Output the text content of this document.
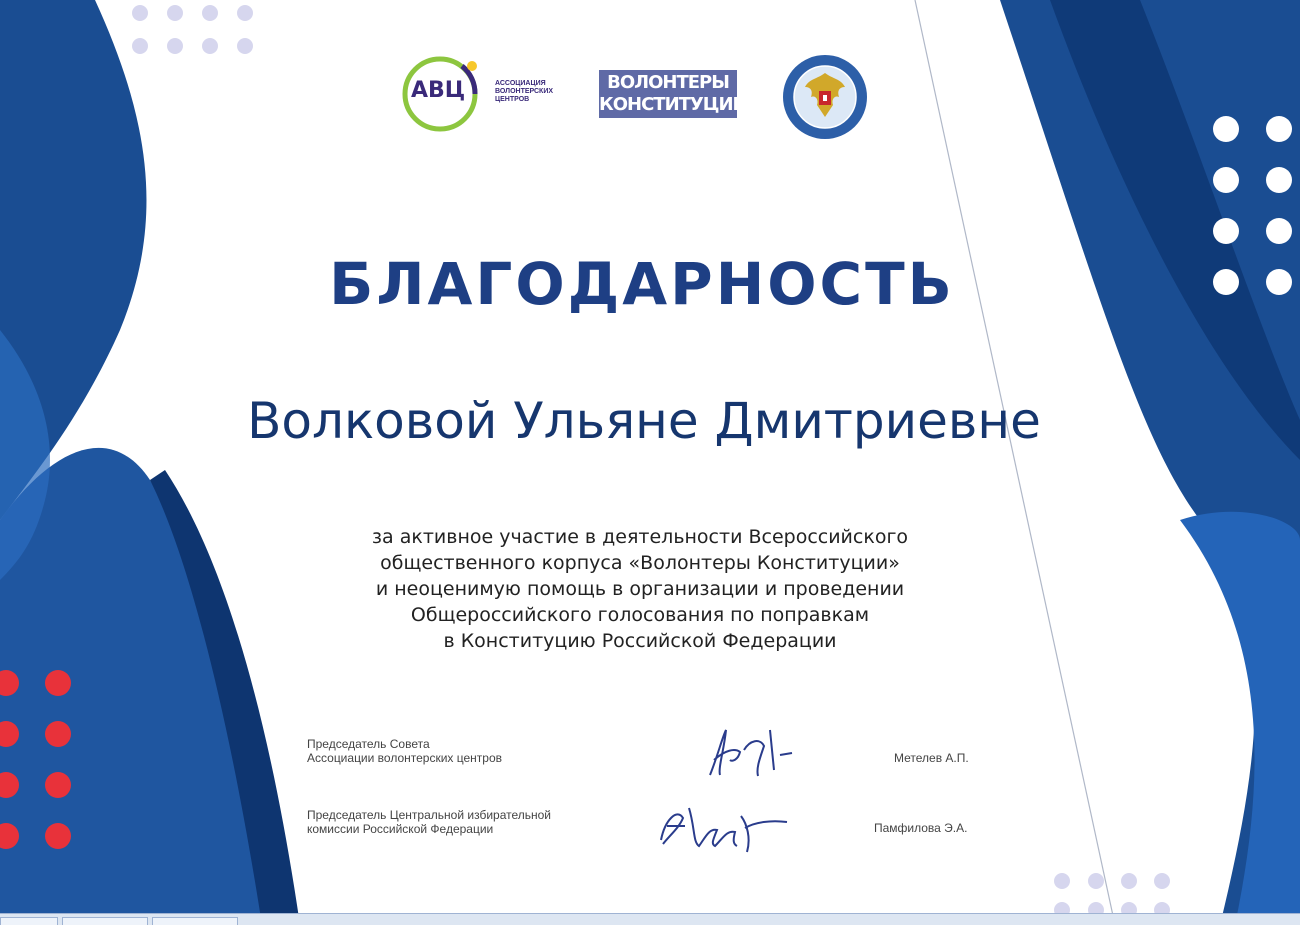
АВЦ	АССОЦИАЦИЯ ВОЛОНТЕРСКИХ ЦЕНТРОВ
ВОЛОНТЕРЫ
КОНСТИТУЦИИ
БЛАГОДАРНОСТЬ
Волковой Ульяне Дмитриевне
за активное участие в деятельности Всероссийского
общественного корпуса «Волонтеры Конституции»
и неоценимую помощь в организации и проведении
Общероссийского голосования по поправкам
в Конституцию Российской Федерации
Председатель Совета
Ассоциации волонтерских центров	Метелев А.П.
Председатель Центральной избирательной
комиссии Российской Федерации	Памфилова Э.А.
